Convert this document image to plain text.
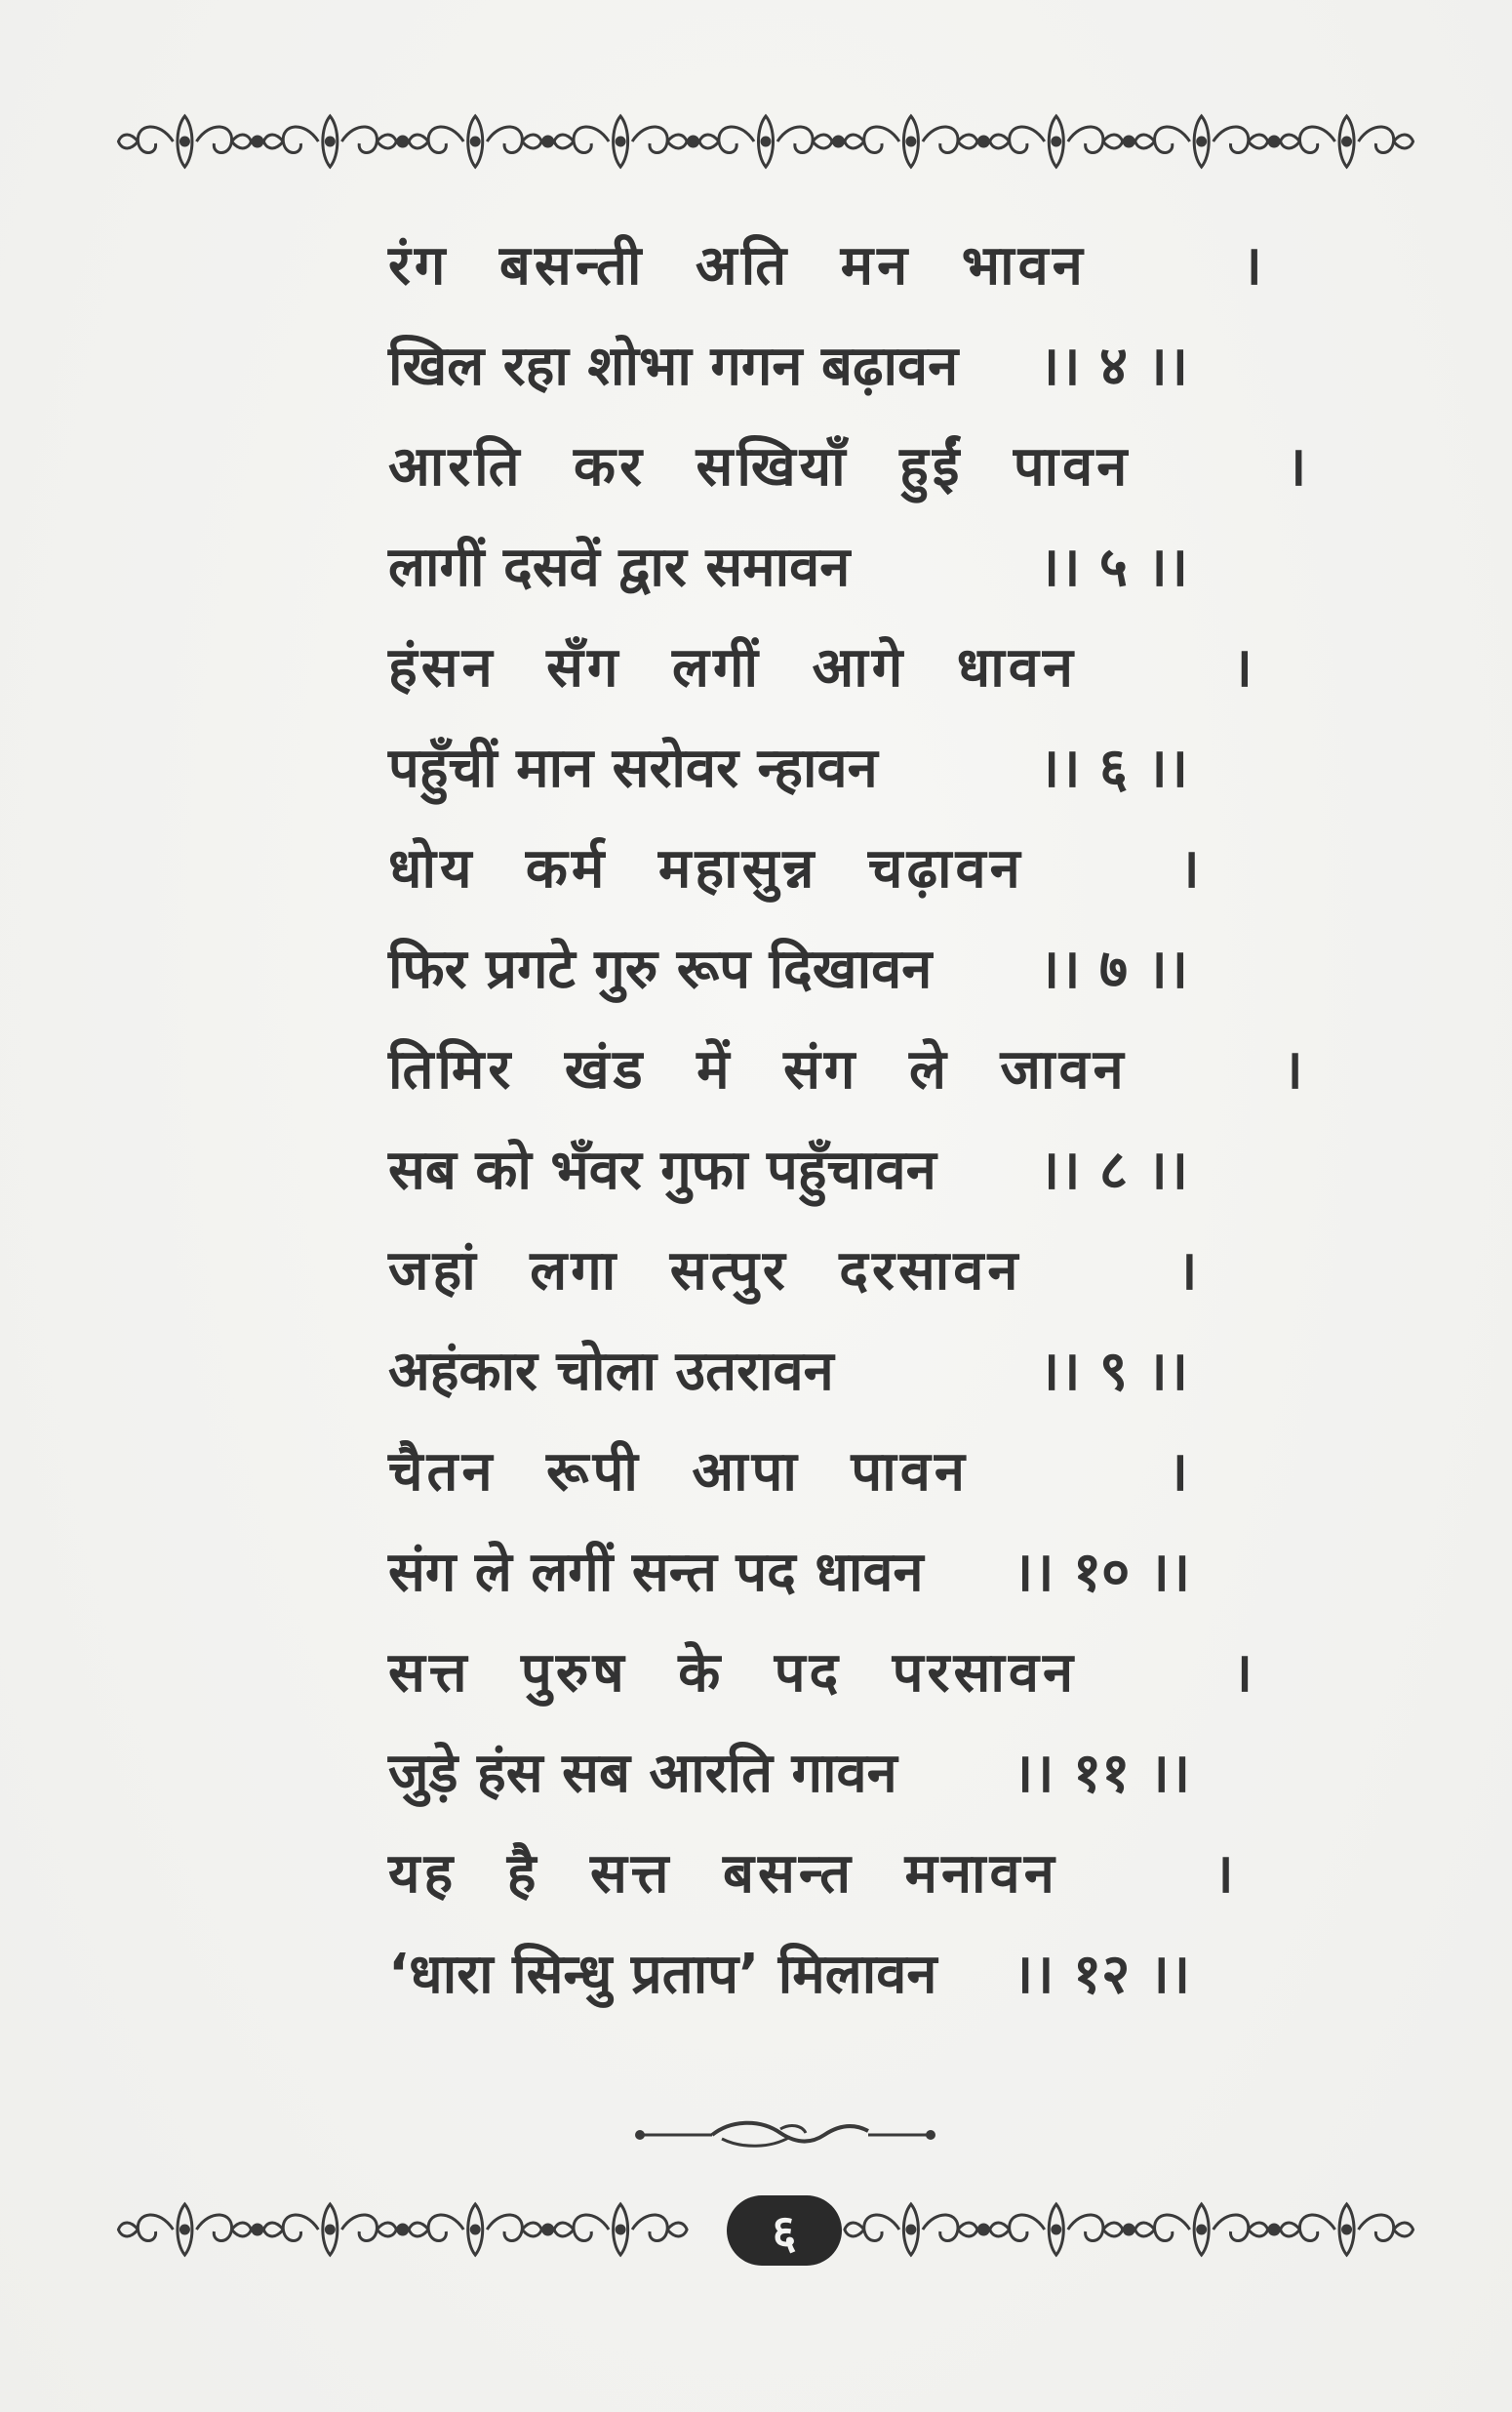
रंग बसन्ती अति मन भावन	।
खिल रहा शोभा गगन बढ़ावन	।। ४ ।।
आरति कर सखियाँ हुईं पावन	।
लागीं दसवें द्वार समावन	।। ५ ।।
हंसन सँग लगीं आगे धावन	।
पहुँचीं मान सरोवर न्हावन	।। ६ ।।
धोय कर्म महासुन्न चढ़ावन	।
फिर प्रगटे गुरु रूप दिखावन	।। ७ ।।
तिमिर खंड में संग ले जावन	।
सब को भँवर गुफा पहुँचावन	।। ८ ।।
जहां लगा सत्पुर दरसावन	।
अहंकार चोला उतरावन	।। ९ ।।
चैतन रूपी आपा पावन	।
संग ले लगीं सन्त पद धावन	।। १० ।।
सत्त पुरुष के पद परसावन	।
जुड़े हंस सब आरति गावन	।। ११ ।।
यह है सत्त बसन्त मनावन	।
‘धारा सिन्धु प्रताप’ मिलावन	।। १२ ।।
६
